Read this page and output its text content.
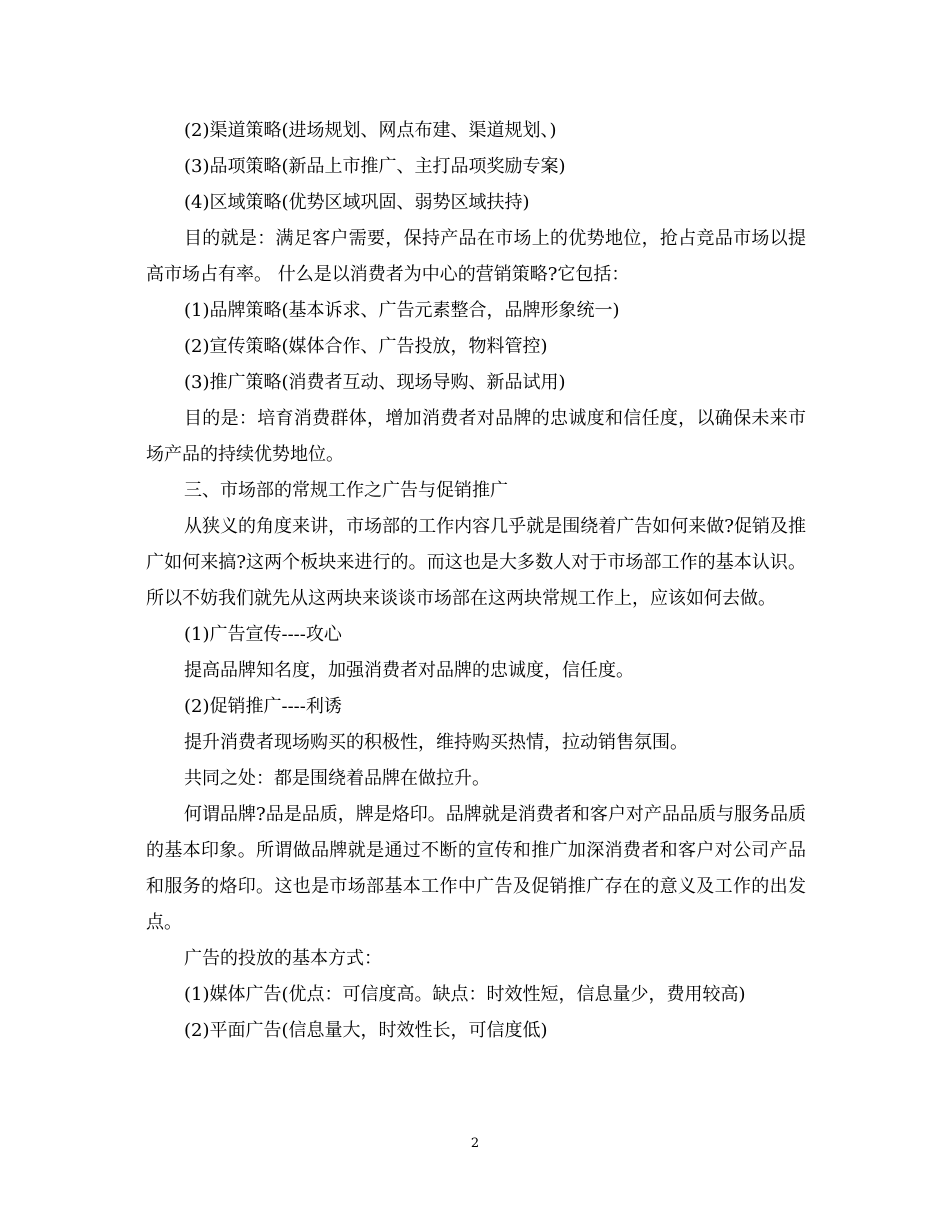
(2)渠道策略(进场规划、网点布建、渠道规划、)

(3)品项策略(新品上市推广、主打品项奖励专案)

(4)区域策略(优势区域巩固、弱势区域扶持)

目的就是：满足客户需要，保持产品在市场上的优势地位，抢占竞品市场以提高市场占有率。 什么是以消费者为中心的营销策略?它包括：

(1)品牌策略(基本诉求、广告元素整合，品牌形象统一)

(2)宣传策略(媒体合作、广告投放，物料管控)

(3)推广策略(消费者互动、现场导购、新品试用)

目的是：培育消费群体，增加消费者对品牌的忠诚度和信任度，以确保未来市场产品的持续优势地位。

三、市场部的常规工作之广告与促销推广

从狭义的角度来讲，市场部的工作内容几乎就是围绕着广告如何来做?促销及推广如何来搞?这两个板块来进行的。而这也是大多数人对于市场部工作的基本认识。所以不妨我们就先从这两块来谈谈市场部在这两块常规工作上，应该如何去做。

(1)广告宣传----攻心

提高品牌知名度，加强消费者对品牌的忠诚度，信任度。

(2)促销推广----利诱

提升消费者现场购买的积极性，维持购买热情，拉动销售氛围。

共同之处：都是围绕着品牌在做拉升。

何谓品牌?品是品质，牌是烙印。品牌就是消费者和客户对产品品质与服务品质的基本印象。所谓做品牌就是通过不断的宣传和推广加深消费者和客户对公司产品和服务的烙印。这也是市场部基本工作中广告及促销推广存在的意义及工作的出发点。

广告的投放的基本方式：

(1)媒体广告(优点：可信度高。缺点：时效性短，信息量少，费用较高)

(2)平面广告(信息量大，时效性长，可信度低)

2
